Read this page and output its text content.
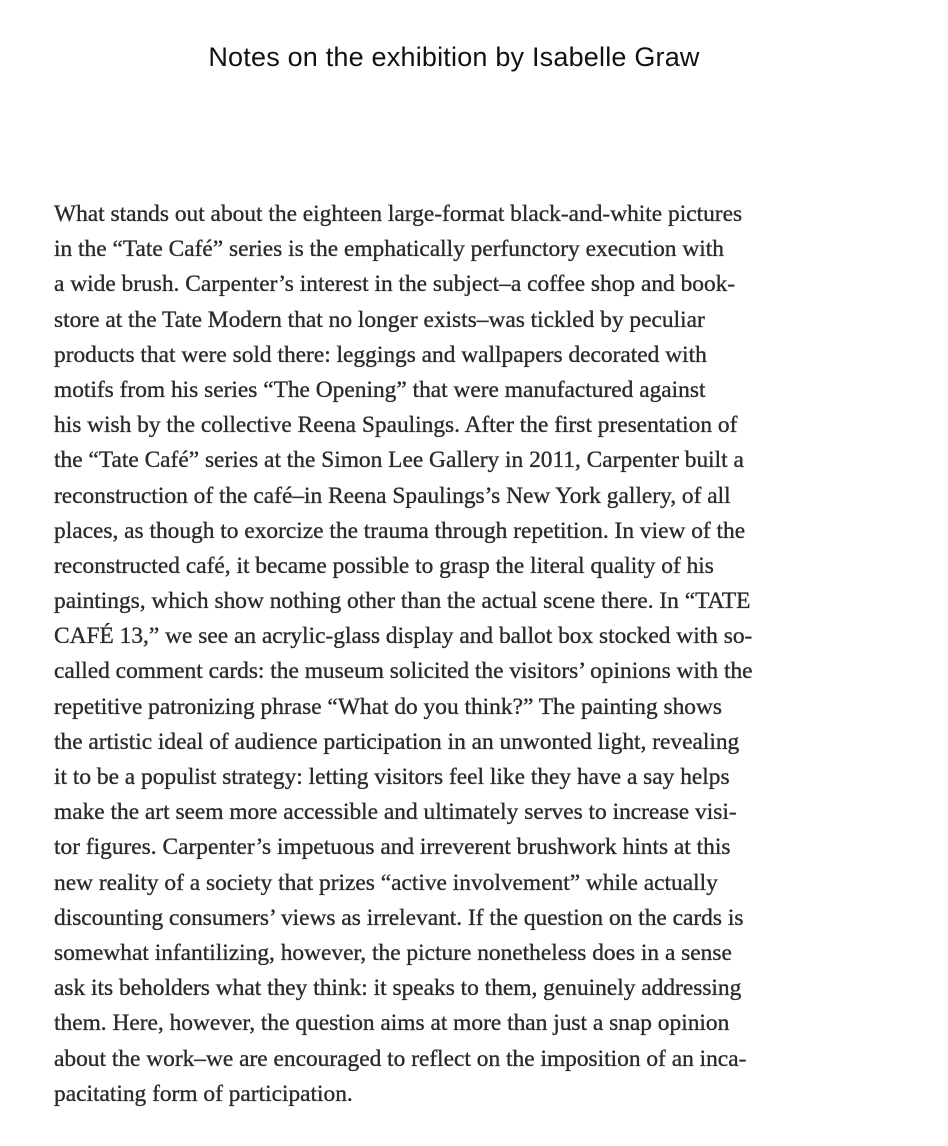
Notes on the exhibition by Isabelle Graw
What stands out about the eighteen large-format black-and-white pictures
in the “Tate Café” series is the emphatically perfunctory execution with
a wide brush. Carpenter’s interest in the subject–a coffee shop and book-
store at the Tate Modern that no longer exists–was tickled by peculiar
products that were sold there: leggings and wallpapers decorated with
motifs from his series “The Opening” that were manufactured against
his wish by the collective Reena Spaulings. After the first presentation of
the “Tate Café” series at the Simon Lee Gallery in 2011, Carpenter built a
reconstruction of the café–in Reena Spaulings’s New York gallery, of all
places, as though to exorcize the trauma through repetition. In view of the
reconstructed café, it became possible to grasp the literal quality of his
paintings, which show nothing other than the actual scene there. In “TATE
CAFÉ 13,” we see an acrylic-glass display and ballot box stocked with so-
called comment cards: the museum solicited the visitors’ opinions with the
repetitive patronizing phrase “What do you think?” The painting shows
the artistic ideal of audience participation in an unwonted light, revealing
it to be a populist strategy: letting visitors feel like they have a say helps
make the art seem more accessible and ultimately serves to increase visi-
tor figures. Carpenter’s impetuous and irreverent brushwork hints at this
new reality of a society that prizes “active involvement” while actually
discounting consumers’ views as irrelevant. If the question on the cards is
somewhat infantilizing, however, the picture nonetheless does in a sense
ask its beholders what they think: it speaks to them, genuinely addressing
them. Here, however, the question aims at more than just a snap opinion
about the work–we are encouraged to reflect on the imposition of an inca-
pacitating form of participation.
